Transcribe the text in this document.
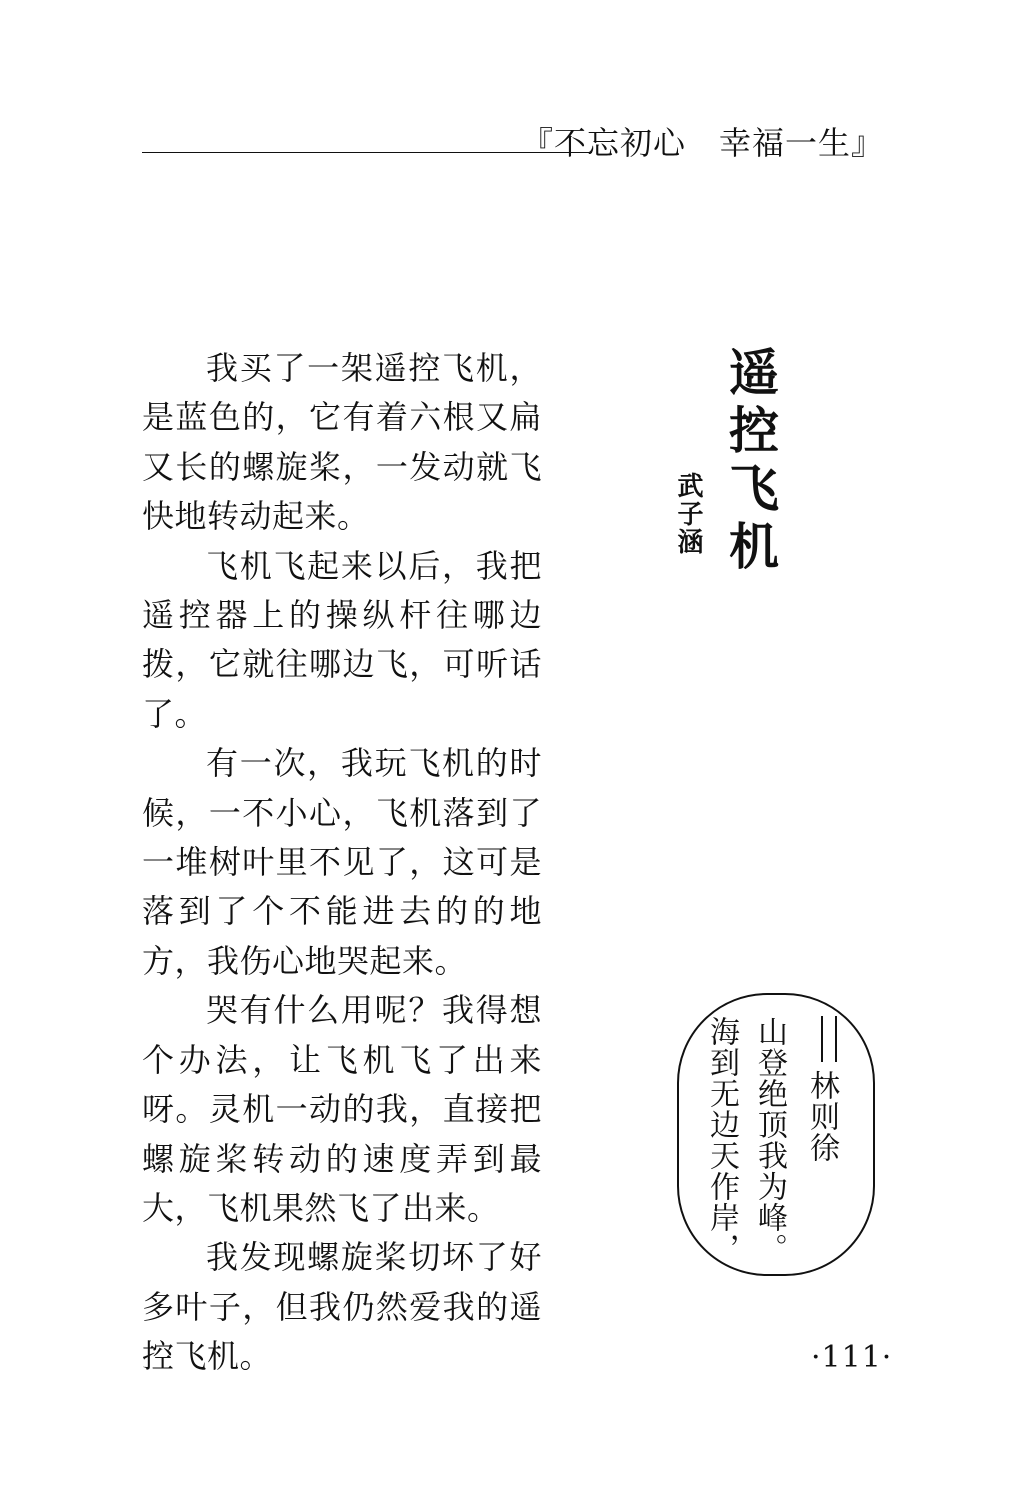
『不忘初心　幸福一生』
遥控飞机
武子涵

我买了一架遥控飞机，是蓝色的，它有着六根又扁又长的螺旋桨，一发动就飞快地转动起来。

飞机飞起来以后，我把遥控器上的操纵杆往哪边拨，它就往哪边飞，可听话了。

有一次，我玩飞机的时候，一不小心，飞机落到了一堆树叶里不见了，这可是落到了个不能进去的的地方，我伤心地哭起来。

哭有什么用呢？我得想个办法，让飞机飞了出来呀。灵机一动的我，直接把螺旋桨转动的速度弄到最大，飞机果然飞了出来。

我发现螺旋桨切坏了好多叶子，但我仍然爱我的遥控飞机。

海到无边天作岸， 山登绝顶我为峰。 林则徐
·111·
